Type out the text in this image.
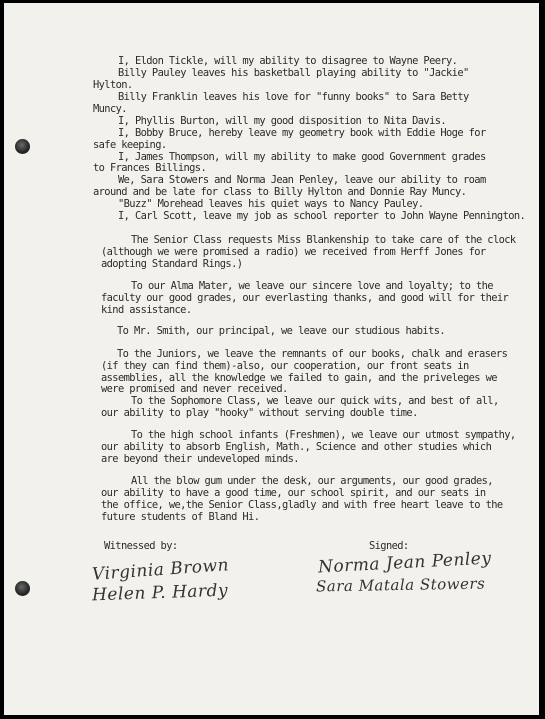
I, Eldon Tickle, will my ability to disagree to Wayne Peery.

Billy Pauley leaves his basketball playing ability to "Jackie"

Hylton.

Billy Franklin leaves his love for "funny books" to Sara Betty

Muncy.

I, Phyllis Burton, will my good disposition to Nita Davis.

I, Bobby Bruce, hereby leave my geometry book with Eddie Hoge for

safe keeping.

I, James Thompson, will my ability to make good Government grades

to Frances Billings.

We, Sara Stowers and Norma Jean Penley, leave our ability to roam

around and be late for class to Billy Hylton and Donnie Ray Muncy.

"Buzz" Morehead leaves his quiet ways to Nancy Pauley.

I, Carl Scott, leave my job as school reporter to John Wayne Pennington.

The Senior Class requests Miss Blankenship to take care of the clock

(although we were promised a radio) we received from Herff Jones for

adopting Standard Rings.)

To our Alma Mater, we leave our sincere love and loyalty; to the

faculty our good grades, our everlasting thanks, and good will for their

kind assistance.

To Mr. Smith, our principal, we leave our studious habits.

To the Juniors, we leave the remnants of our books, chalk and erasers

(if they can find them)-also, our cooperation, our front seats in

assemblies, all the knowledge we failed to gain, and the priveleges we

were promised and never received.

To the Sophomore Class, we leave our quick wits, and best of all,

our ability to play "hooky" without serving double time.

To the high school infants (Freshmen), we leave our utmost sympathy,

our ability to absorb English, Math., Science and other studies which

are beyond their undeveloped minds.

All the blow gum under the desk, our arguments, our good grades,

our ability to have a good time, our school spirit, and our seats in

the office, we,the Senior Class,gladly and with free heart leave to the

future students of Bland Hi.

Witnessed by:

	Signed:

Virginia Brown
Helen P. Hardy
Norma Jean Penley
Sara Matala Stowers
